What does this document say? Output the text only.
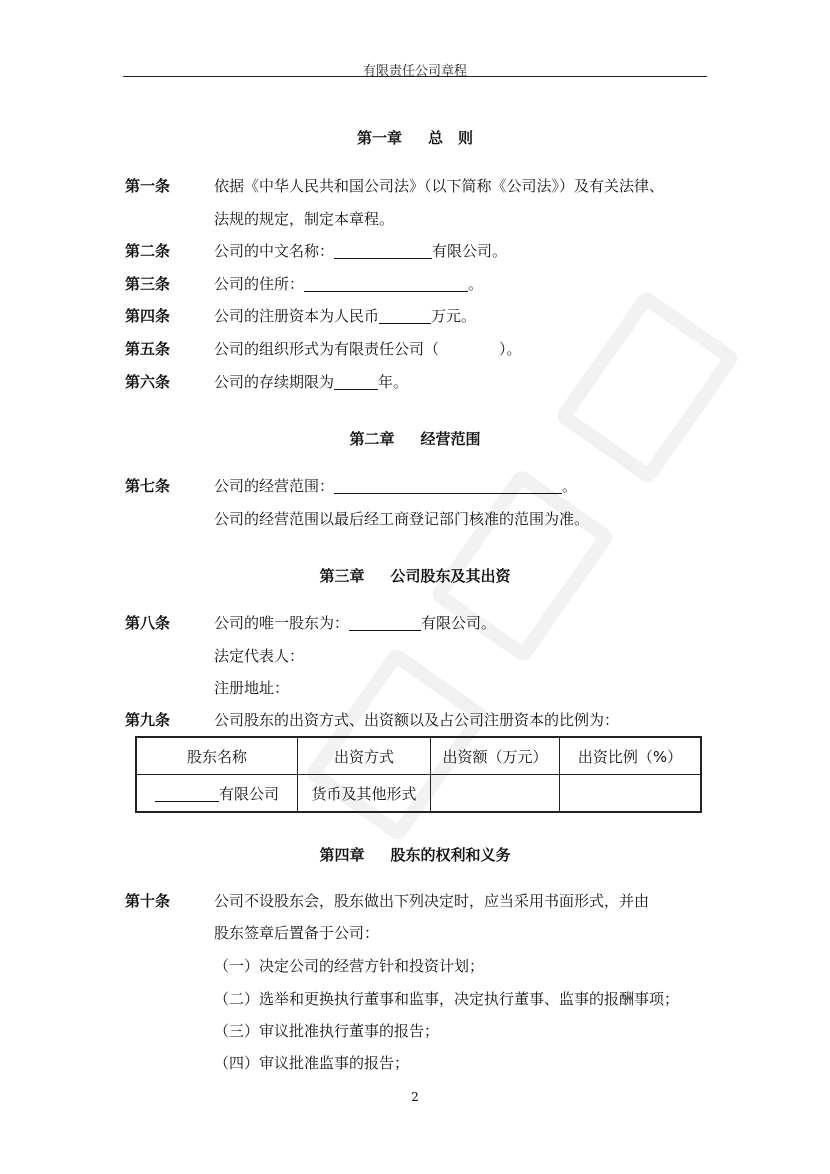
有限责任公司章程
第一章 总　则
第一条	依据《中华人民共和国公司法》（以下简称《公司法》）及有关法律、
法规的规定，制定本章程。
第二条	公司的中文名称：	有限公司。
第三条	公司的住所：	。
第四条	公司的注册资本为人民币	万元。
第五条	公司的组织形式为有限责任公司（　　　　）。
第六条	公司的存续期限为	年。
第二章 经营范围
第七条	公司的经营范围：	。
公司的经营范围以最后经工商登记部门核准的范围为准。
第三章 公司股东及其出资
第八条	公司的唯一股东为：	有限公司。
法定代表人：
注册地址：
第九条	公司股东的出资方式、出资额以及占公司注册资本的比例为：
股东名称	出资方式	出资额（万元）	出资比例（%）
有限公司	货币及其他形式		
第四章 股东的权利和义务
第十条	公司不设股东会，股东做出下列决定时，应当采用书面形式，并由
股东签章后置备于公司：
（一）决定公司的经营方针和投资计划；
（二）选举和更换执行董事和监事，决定执行董事、监事的报酬事项；
（三）审议批准执行董事的报告；
（四）审议批准监事的报告；
2
